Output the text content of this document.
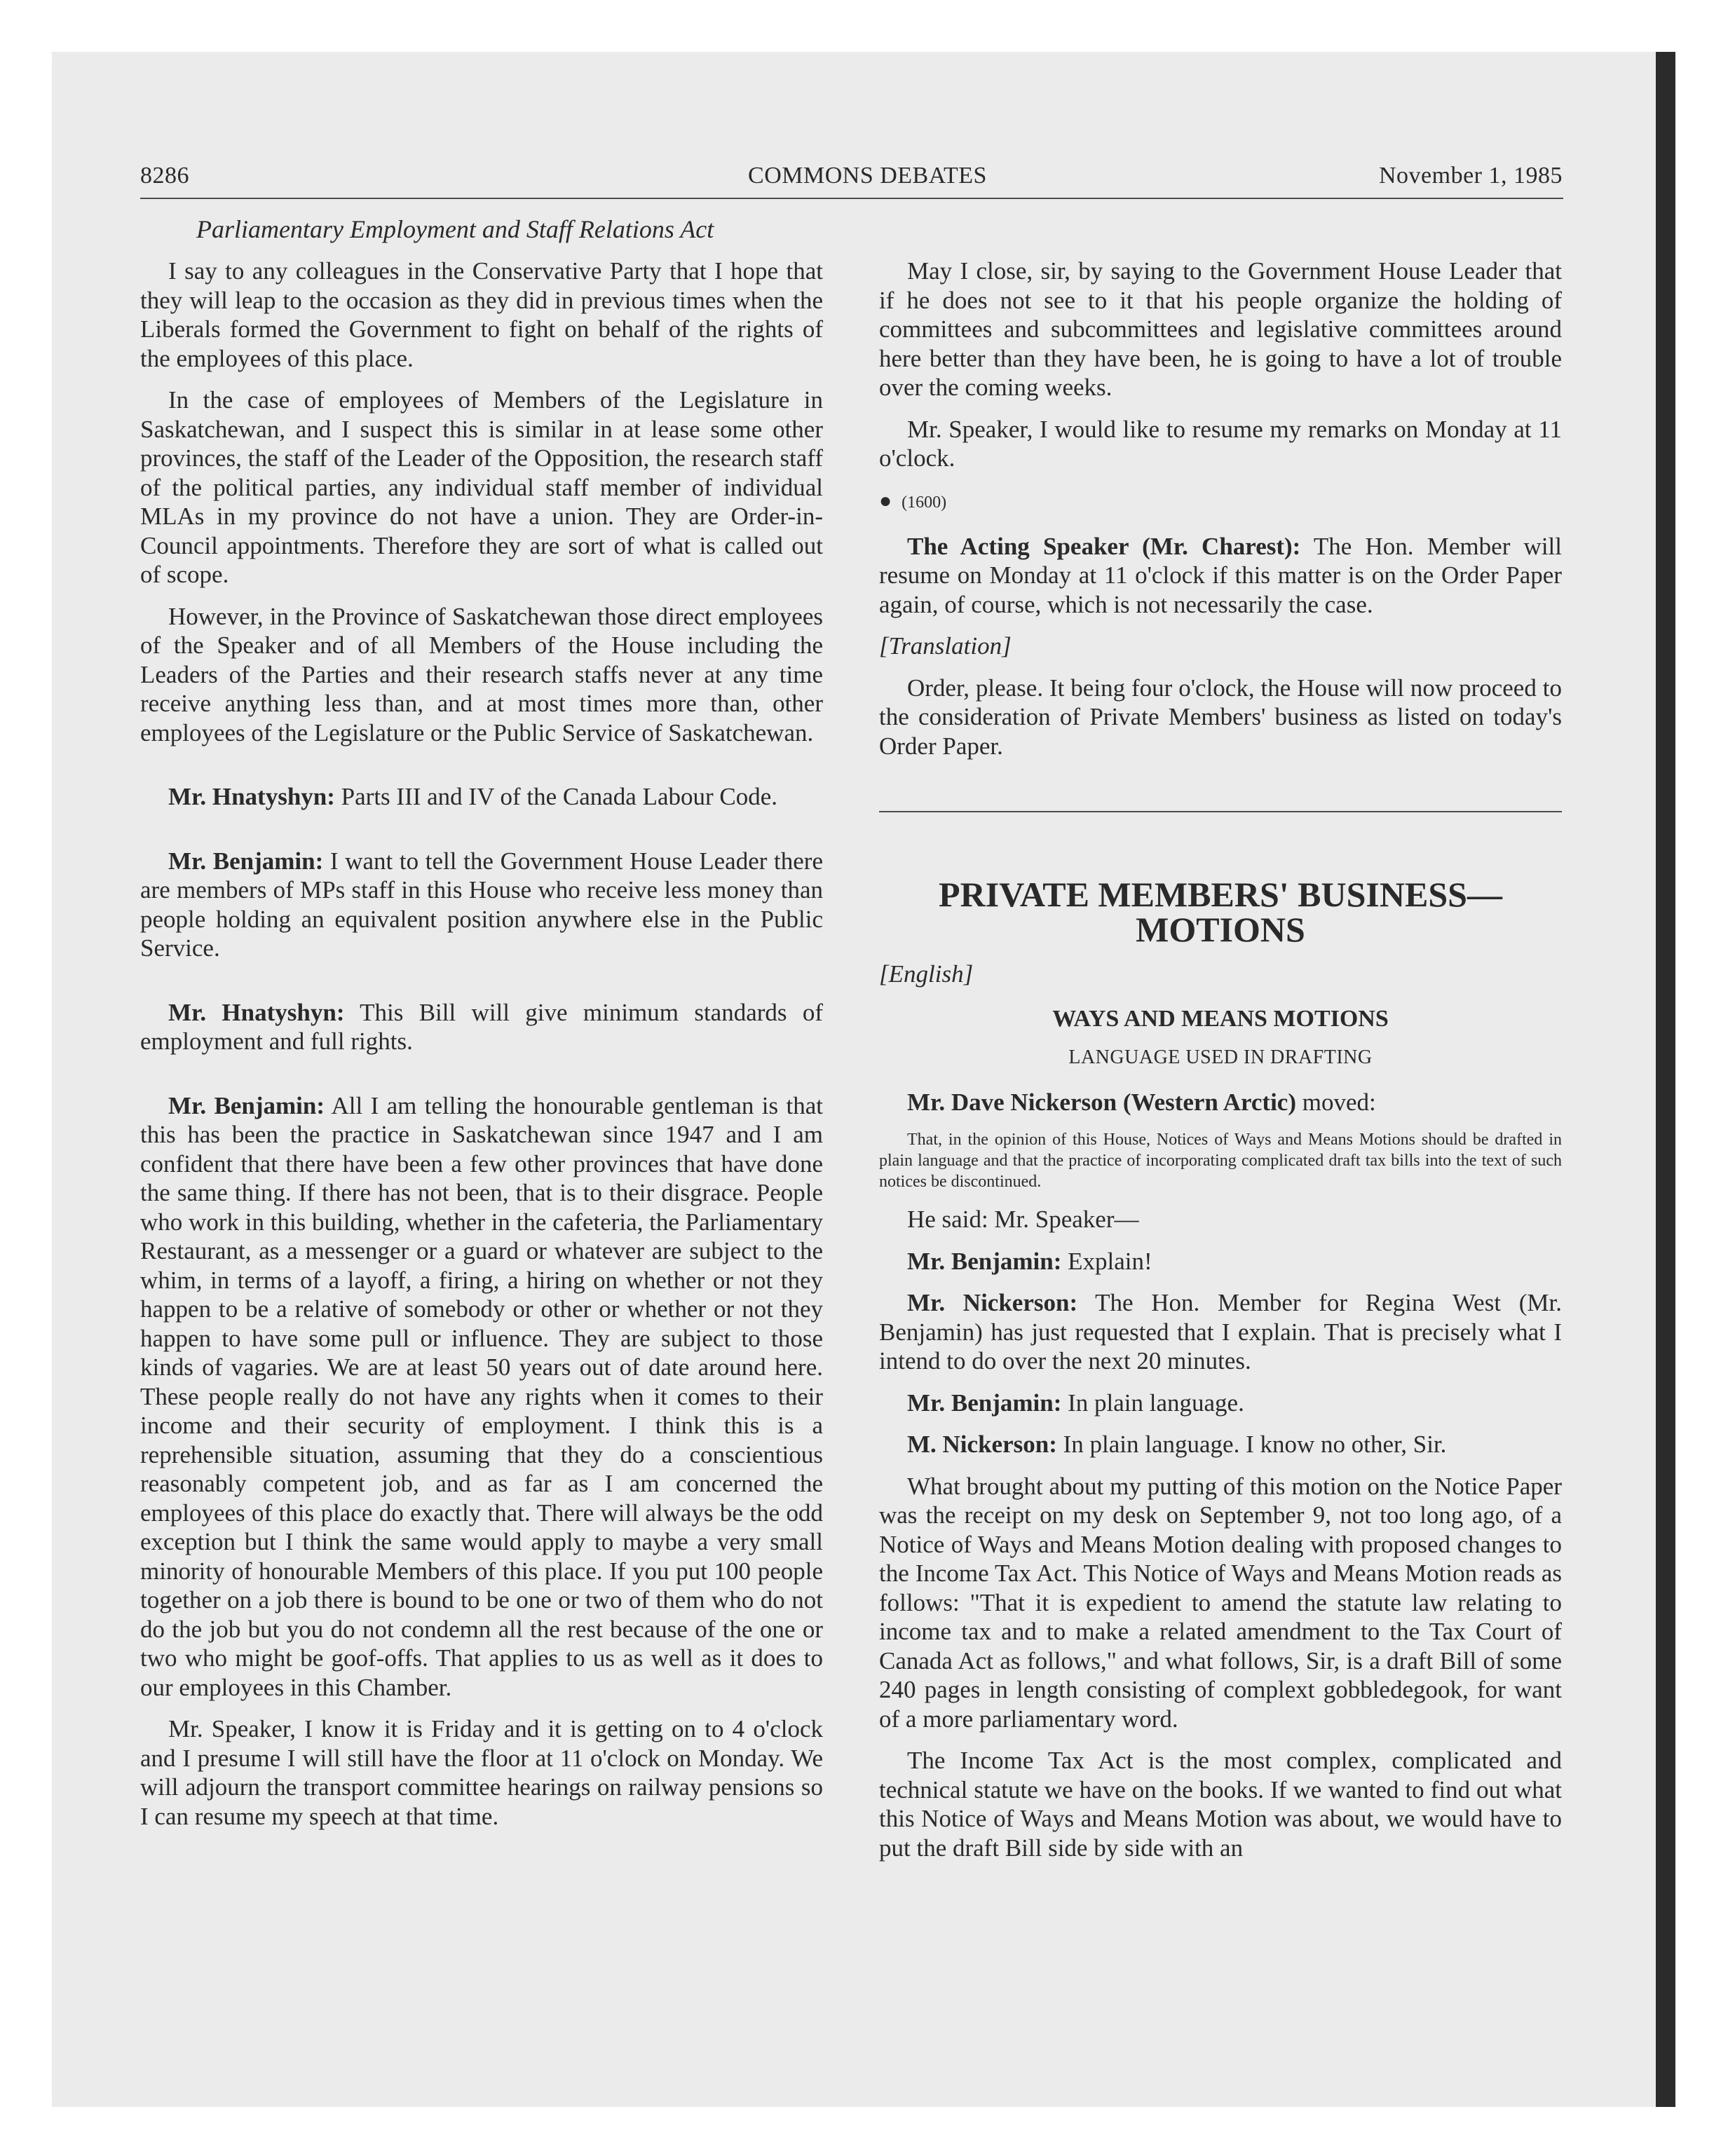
8286	COMMONS DEBATES	November 1, 1985
Parliamentary Employment and Staff Relations Act

I say to any colleagues in the Conservative Party that I hope that they will leap to the occasion as they did in previous times when the Liberals formed the Government to fight on behalf of the rights of the employees of this place.

In the case of employees of Members of the Legislature in Saskatchewan, and I suspect this is similar in at lease some other provinces, the staff of the Leader of the Opposition, the research staff of the political parties, any individual staff member of individual MLAs in my province do not have a union. They are Order-in-Council appointments. Therefore they are sort of what is called out of scope.

However, in the Province of Saskatchewan those direct employees of the Speaker and of all Members of the House including the Leaders of the Parties and their research staffs never at any time receive anything less than, and at most times more than, other employees of the Legislature or the Public Service of Saskatchewan.

Mr. Hnatyshyn: Parts III and IV of the Canada Labour Code.

Mr. Benjamin: I want to tell the Government House Leader there are members of MPs staff in this House who receive less money than people holding an equivalent position anywhere else in the Public Service.

Mr. Hnatyshyn: This Bill will give minimum standards of employment and full rights.

Mr. Benjamin: All I am telling the honourable gentleman is that this has been the practice in Saskatchewan since 1947 and I am confident that there have been a few other provinces that have done the same thing. If there has not been, that is to their disgrace. People who work in this building, whether in the cafeteria, the Parliamentary Restaurant, as a messenger or a guard or whatever are subject to the whim, in terms of a layoff, a firing, a hiring on whether or not they happen to be a relative of somebody or other or whether or not they happen to have some pull or influence. They are subject to those kinds of vagaries. We are at least 50 years out of date around here. These people really do not have any rights when it comes to their income and their security of employment. I think this is a reprehensible situation, assuming that they do a conscientious reasonably competent job, and as far as I am concerned the employees of this place do exactly that. There will always be the odd exception but I think the same would apply to maybe a very small minority of honourable Members of this place. If you put 100 people together on a job there is bound to be one or two of them who do not do the job but you do not condemn all the rest because of the one or two who might be goof-offs. That applies to us as well as it does to our employees in this Chamber.

Mr. Speaker, I know it is Friday and it is getting on to 4 o'clock and I presume I will still have the floor at 11 o'clock on Monday. We will adjourn the transport committee hearings on railway pensions so I can resume my speech at that time.

May I close, sir, by saying to the Government House Leader that if he does not see to it that his people organize the holding of committees and subcommittees and legislative committees around here better than they have been, he is going to have a lot of trouble over the coming weeks.

Mr. Speaker, I would like to resume my remarks on Monday at 11 o'clock.

● (1600)

The Acting Speaker (Mr. Charest): The Hon. Member will resume on Monday at 11 o'clock if this matter is on the Order Paper again, of course, which is not necessarily the case.

[Translation]

Order, please. It being four o'clock, the House will now proceed to the consideration of Private Members' business as listed on today's Order Paper.

PRIVATE MEMBERS' BUSINESS—
MOTIONS
[English]
WAYS AND MEANS MOTIONS
LANGUAGE USED IN DRAFTING

Mr. Dave Nickerson (Western Arctic) moved:

That, in the opinion of this House, Notices of Ways and Means Motions should be drafted in plain language and that the practice of incorporating complicated draft tax bills into the text of such notices be discontinued.

He said: Mr. Speaker—

Mr. Benjamin: Explain!

Mr. Nickerson: The Hon. Member for Regina West (Mr. Benjamin) has just requested that I explain. That is precisely what I intend to do over the next 20 minutes.

Mr. Benjamin: In plain language.

M. Nickerson: In plain language. I know no other, Sir.

What brought about my putting of this motion on the Notice Paper was the receipt on my desk on September 9, not too long ago, of a Notice of Ways and Means Motion dealing with proposed changes to the Income Tax Act. This Notice of Ways and Means Motion reads as follows: "That it is expedient to amend the statute law relating to income tax and to make a related amendment to the Tax Court of Canada Act as follows," and what follows, Sir, is a draft Bill of some 240 pages in length consisting of complext gobbledegook, for want of a more parliamentary word.

The Income Tax Act is the most complex, complicated and technical statute we have on the books. If we wanted to find out what this Notice of Ways and Means Motion was about, we would have to put the draft Bill side by side with an
